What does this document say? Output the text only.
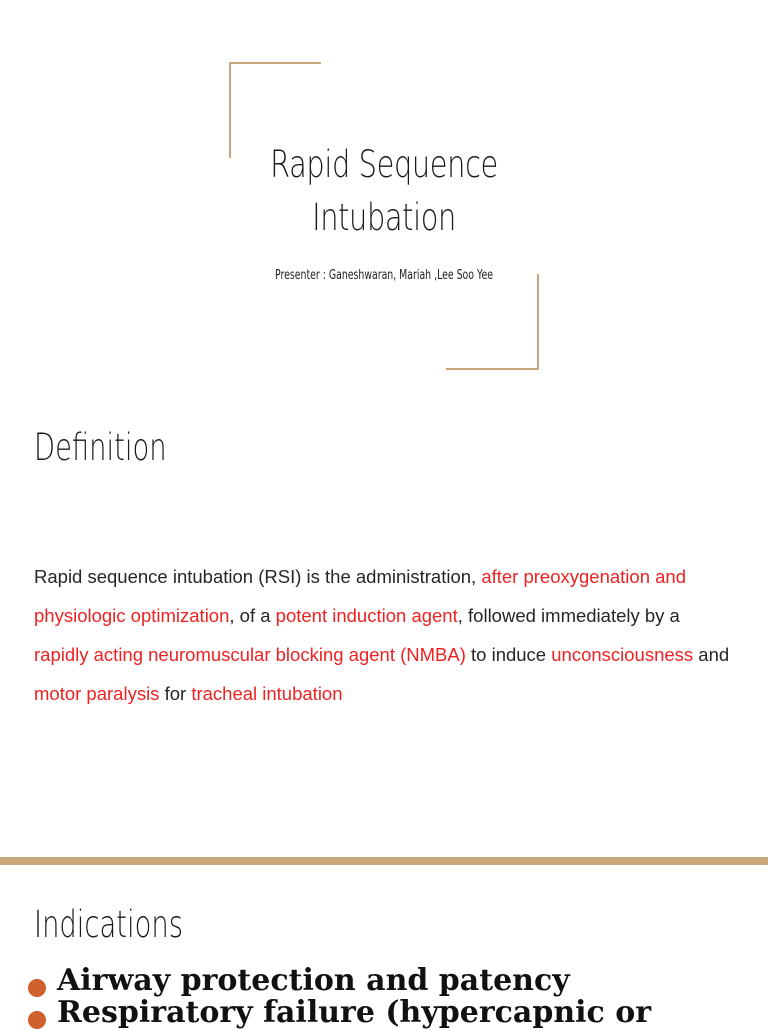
Rapid Sequence
Intubation
Presenter : Ganeshwaran, Mariah ,Lee Soo Yee
Definition

Rapid sequence intubation (RSI) is the administration, after preoxygenation and physiologic optimization, of a potent induction agent, followed immediately by a rapidly acting neuromuscular blocking agent (NMBA) to induce unconsciousness and motor paralysis for tracheal intubation

Indications
Airway protection and patency
Respiratory failure (hypercapnic or
